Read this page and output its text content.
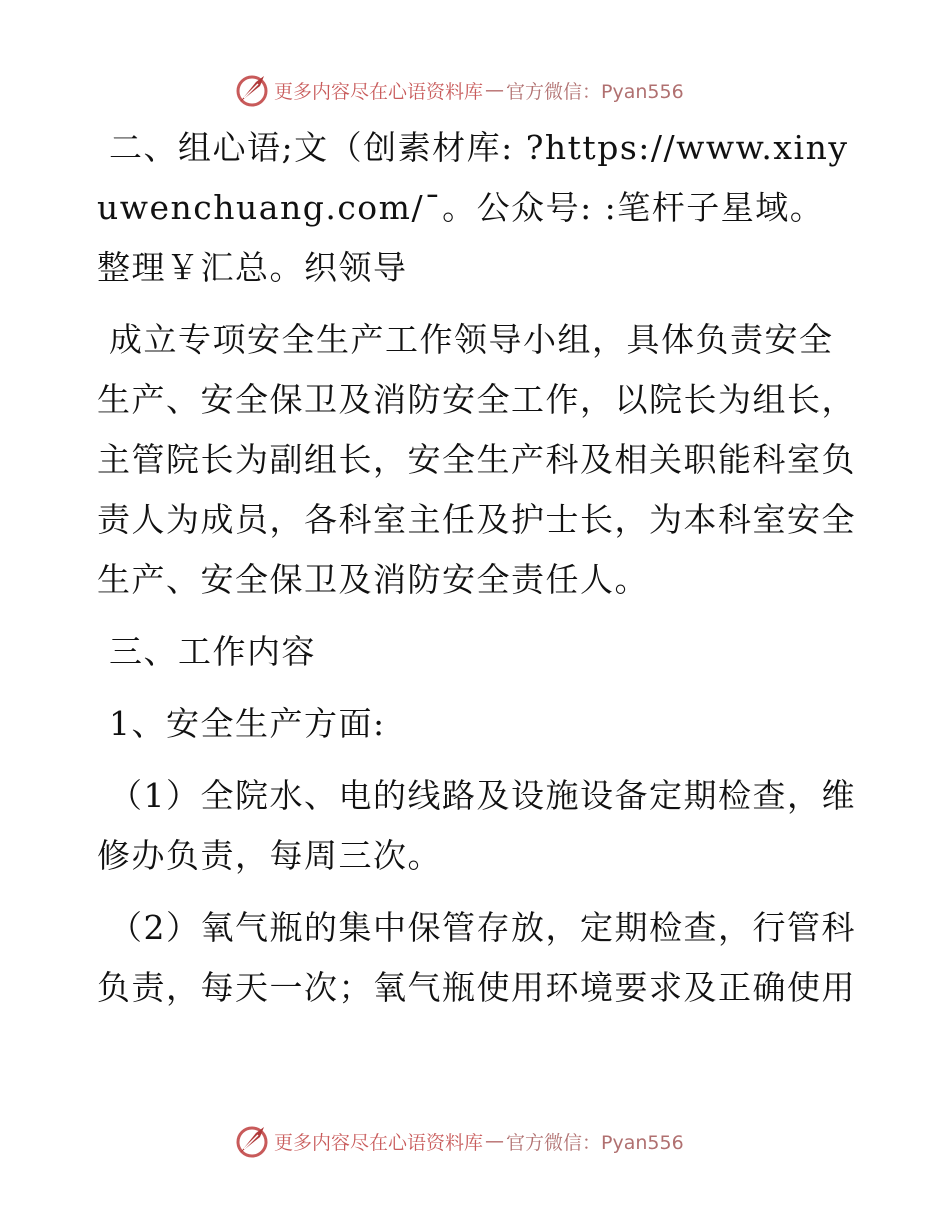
更多内容尽在心语资料库 — 官方微信：Pyan556

二、组心语;文（创素材库: ?https://www.xinyuwenchuang.com/¯。公众号: :笔杆子星域。整理￥汇总。织领导

成立专项安全生产工作领导小组，具体负责安全生产、安全保卫及消防安全工作，以院长为组长，主管院长为副组长，安全生产科及相关职能科室负责人为成员，各科室主任及护士长，为本科室安全生产、安全保卫及消防安全责任人。

三、工作内容

1、安全生产方面:

（1）全院水、电的线路及设施设备定期检查，维修办负责，每周三次。

（2）氧气瓶的集中保管存放，定期检查，行管科负责，每天一次；氧气瓶使用环境要求及正确使用

更多内容尽在心语资料库 — 官方微信：Pyan556
